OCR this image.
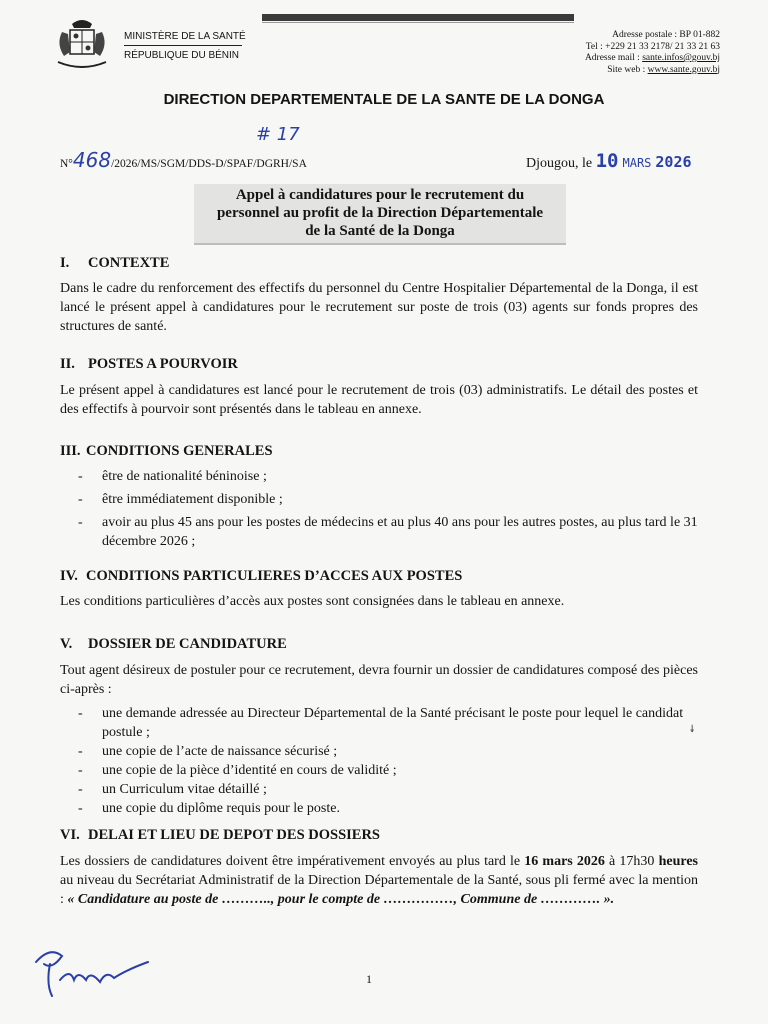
MINISTÈRE DE LA SANTÉ
RÉPUBLIQUE DU BÉNIN
Adresse postale : BP 01-882
Tel : +229 21 33 2178/ 21 33 21 63
Adresse mail : sante.infos@gouv.bj
Site web : www.sante.gouv.bj
DIRECTION DEPARTEMENTALE DE LA SANTE DE LA DONGA
N°468/2026/MS/SGM/DDS-D/SPAF/DGRH/SA
# 17
Djougou, le 10 MARS 2026
Appel à candidatures pour le recrutement du
personnel au profit de la Direction Départementale
de la Santé de la Donga
I. CONTEXTE
Dans le cadre du renforcement des effectifs du personnel du Centre Hospitalier Départemental de la Donga, il est lancé le présent appel à candidatures pour le recrutement sur poste de trois (03) agents sur fonds propres des structures de santé.
II. POSTES A POURVOIR
Le présent appel à candidatures est lancé pour le recrutement de trois (03) administratifs. Le détail des postes et des effectifs à pourvoir sont présentés dans le tableau en annexe.
III. CONDITIONS GENERALES
- être de nationalité béninoise ;
- être immédiatement disponible ;
- avoir au plus 45 ans pour les postes de médecins et au plus 40 ans pour les autres postes, au plus tard le 31 décembre 2026 ;
IV. CONDITIONS PARTICULIERES D’ACCES AUX POSTES
Les conditions particulières d’accès aux postes sont consignées dans le tableau en annexe.
V. DOSSIER DE CANDIDATURE
Tout agent désireux de postuler pour ce recrutement, devra fournir un dossier de candidatures composé des pièces ci-après :
- une demande adressée au Directeur Départemental de la Santé précisant le poste pour lequel le candidat postule ;
- une copie de l’acte de naissance sécurisé ;
- une copie de la pièce d’identité en cours de validité ;
- un Curriculum vitae détaillé ;
- une copie du diplôme requis pour le poste.
↡
VI. DELAI ET LIEU DE DEPOT DES DOSSIERS
Les dossiers de candidatures doivent être impérativement envoyés au plus tard le 16 mars 2026 à 17h30 heures au niveau du Secrétariat Administratif de la Direction Départementale de la Santé, sous pli fermé avec la mention : « Candidature au poste de ……….., pour le compte de ……………, Commune de …………. ».
1
